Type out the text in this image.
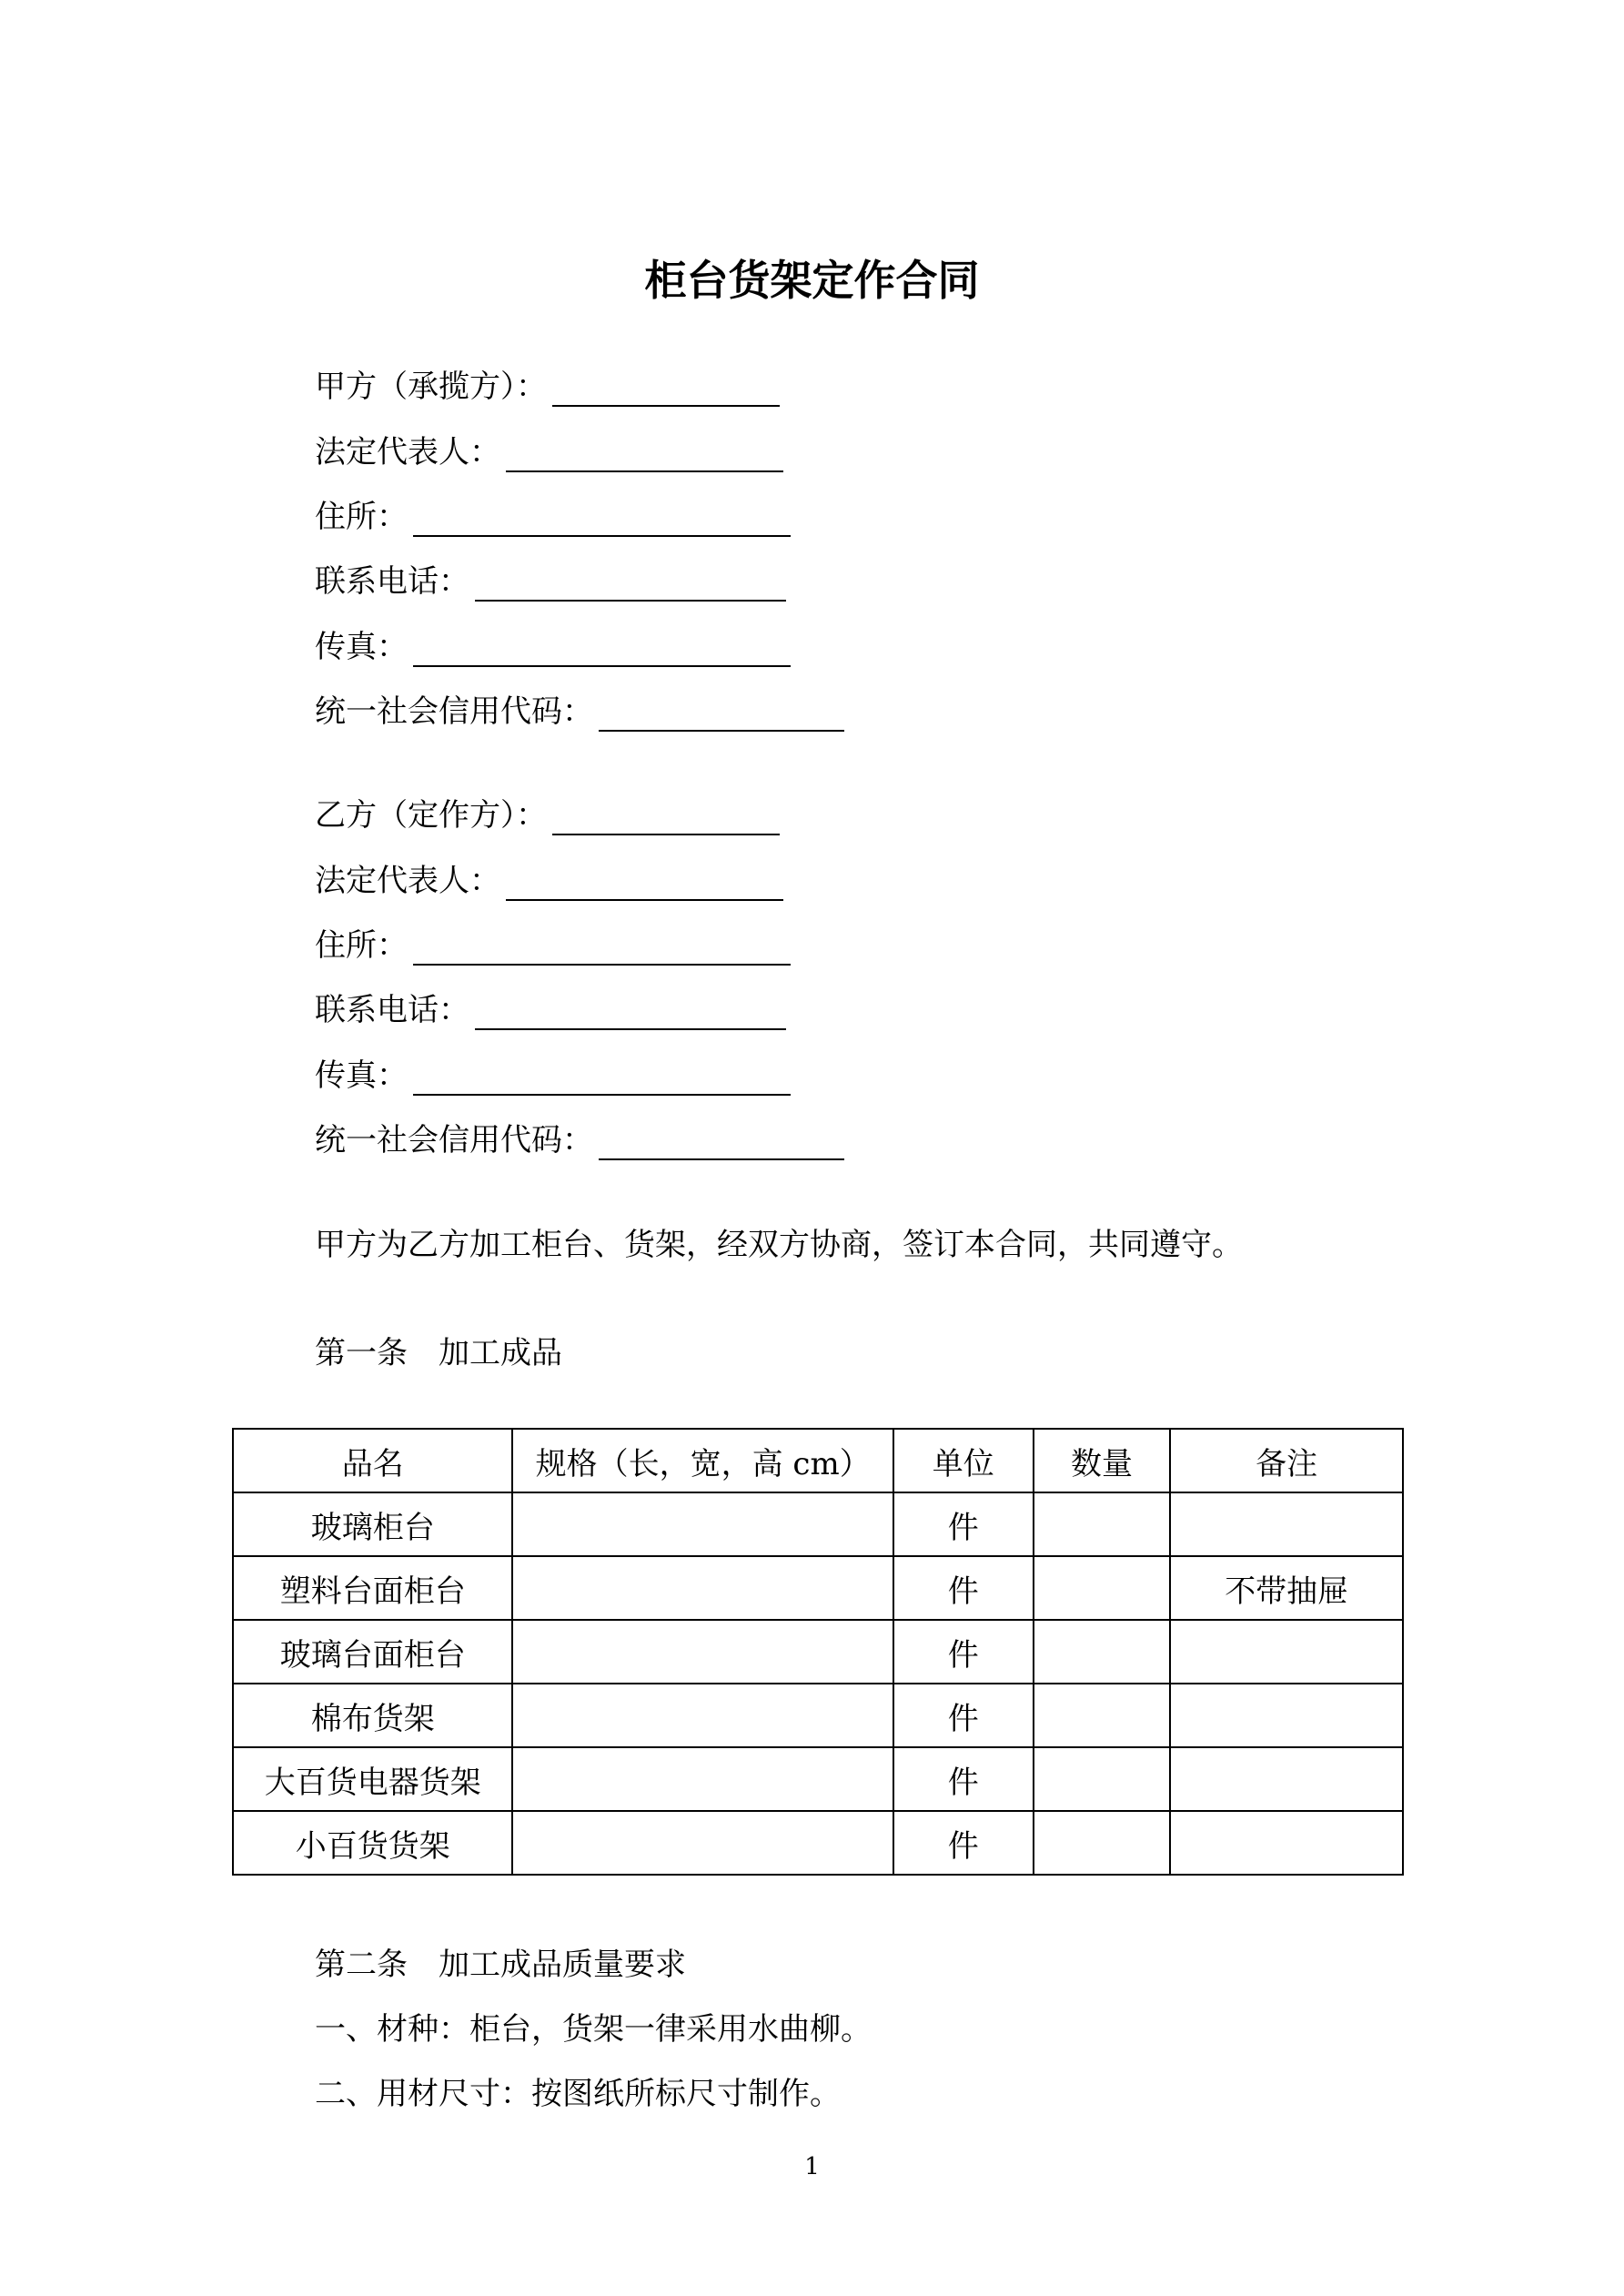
柜台货架定作合同
甲方（承揽方）：
法定代表人：
住所：
联系电话：
传真：
统一社会信用代码：
乙方（定作方）：
法定代表人：
住所：
联系电话：
传真：
统一社会信用代码：
甲方为乙方加工柜台、货架，经双方协商，签订本合同，共同遵守。
第一条　加工成品
品名	规格（长，宽，高 cm）	单位	数量	备注
玻璃柜台		件		
塑料台面柜台		件		不带抽屉
玻璃台面柜台		件		
棉布货架		件		
大百货电器货架		件		
小百货货架		件		
第二条　加工成品质量要求
一、材种：柜台，货架一律采用水曲柳。
二、用材尺寸：按图纸所标尺寸制作。
1
